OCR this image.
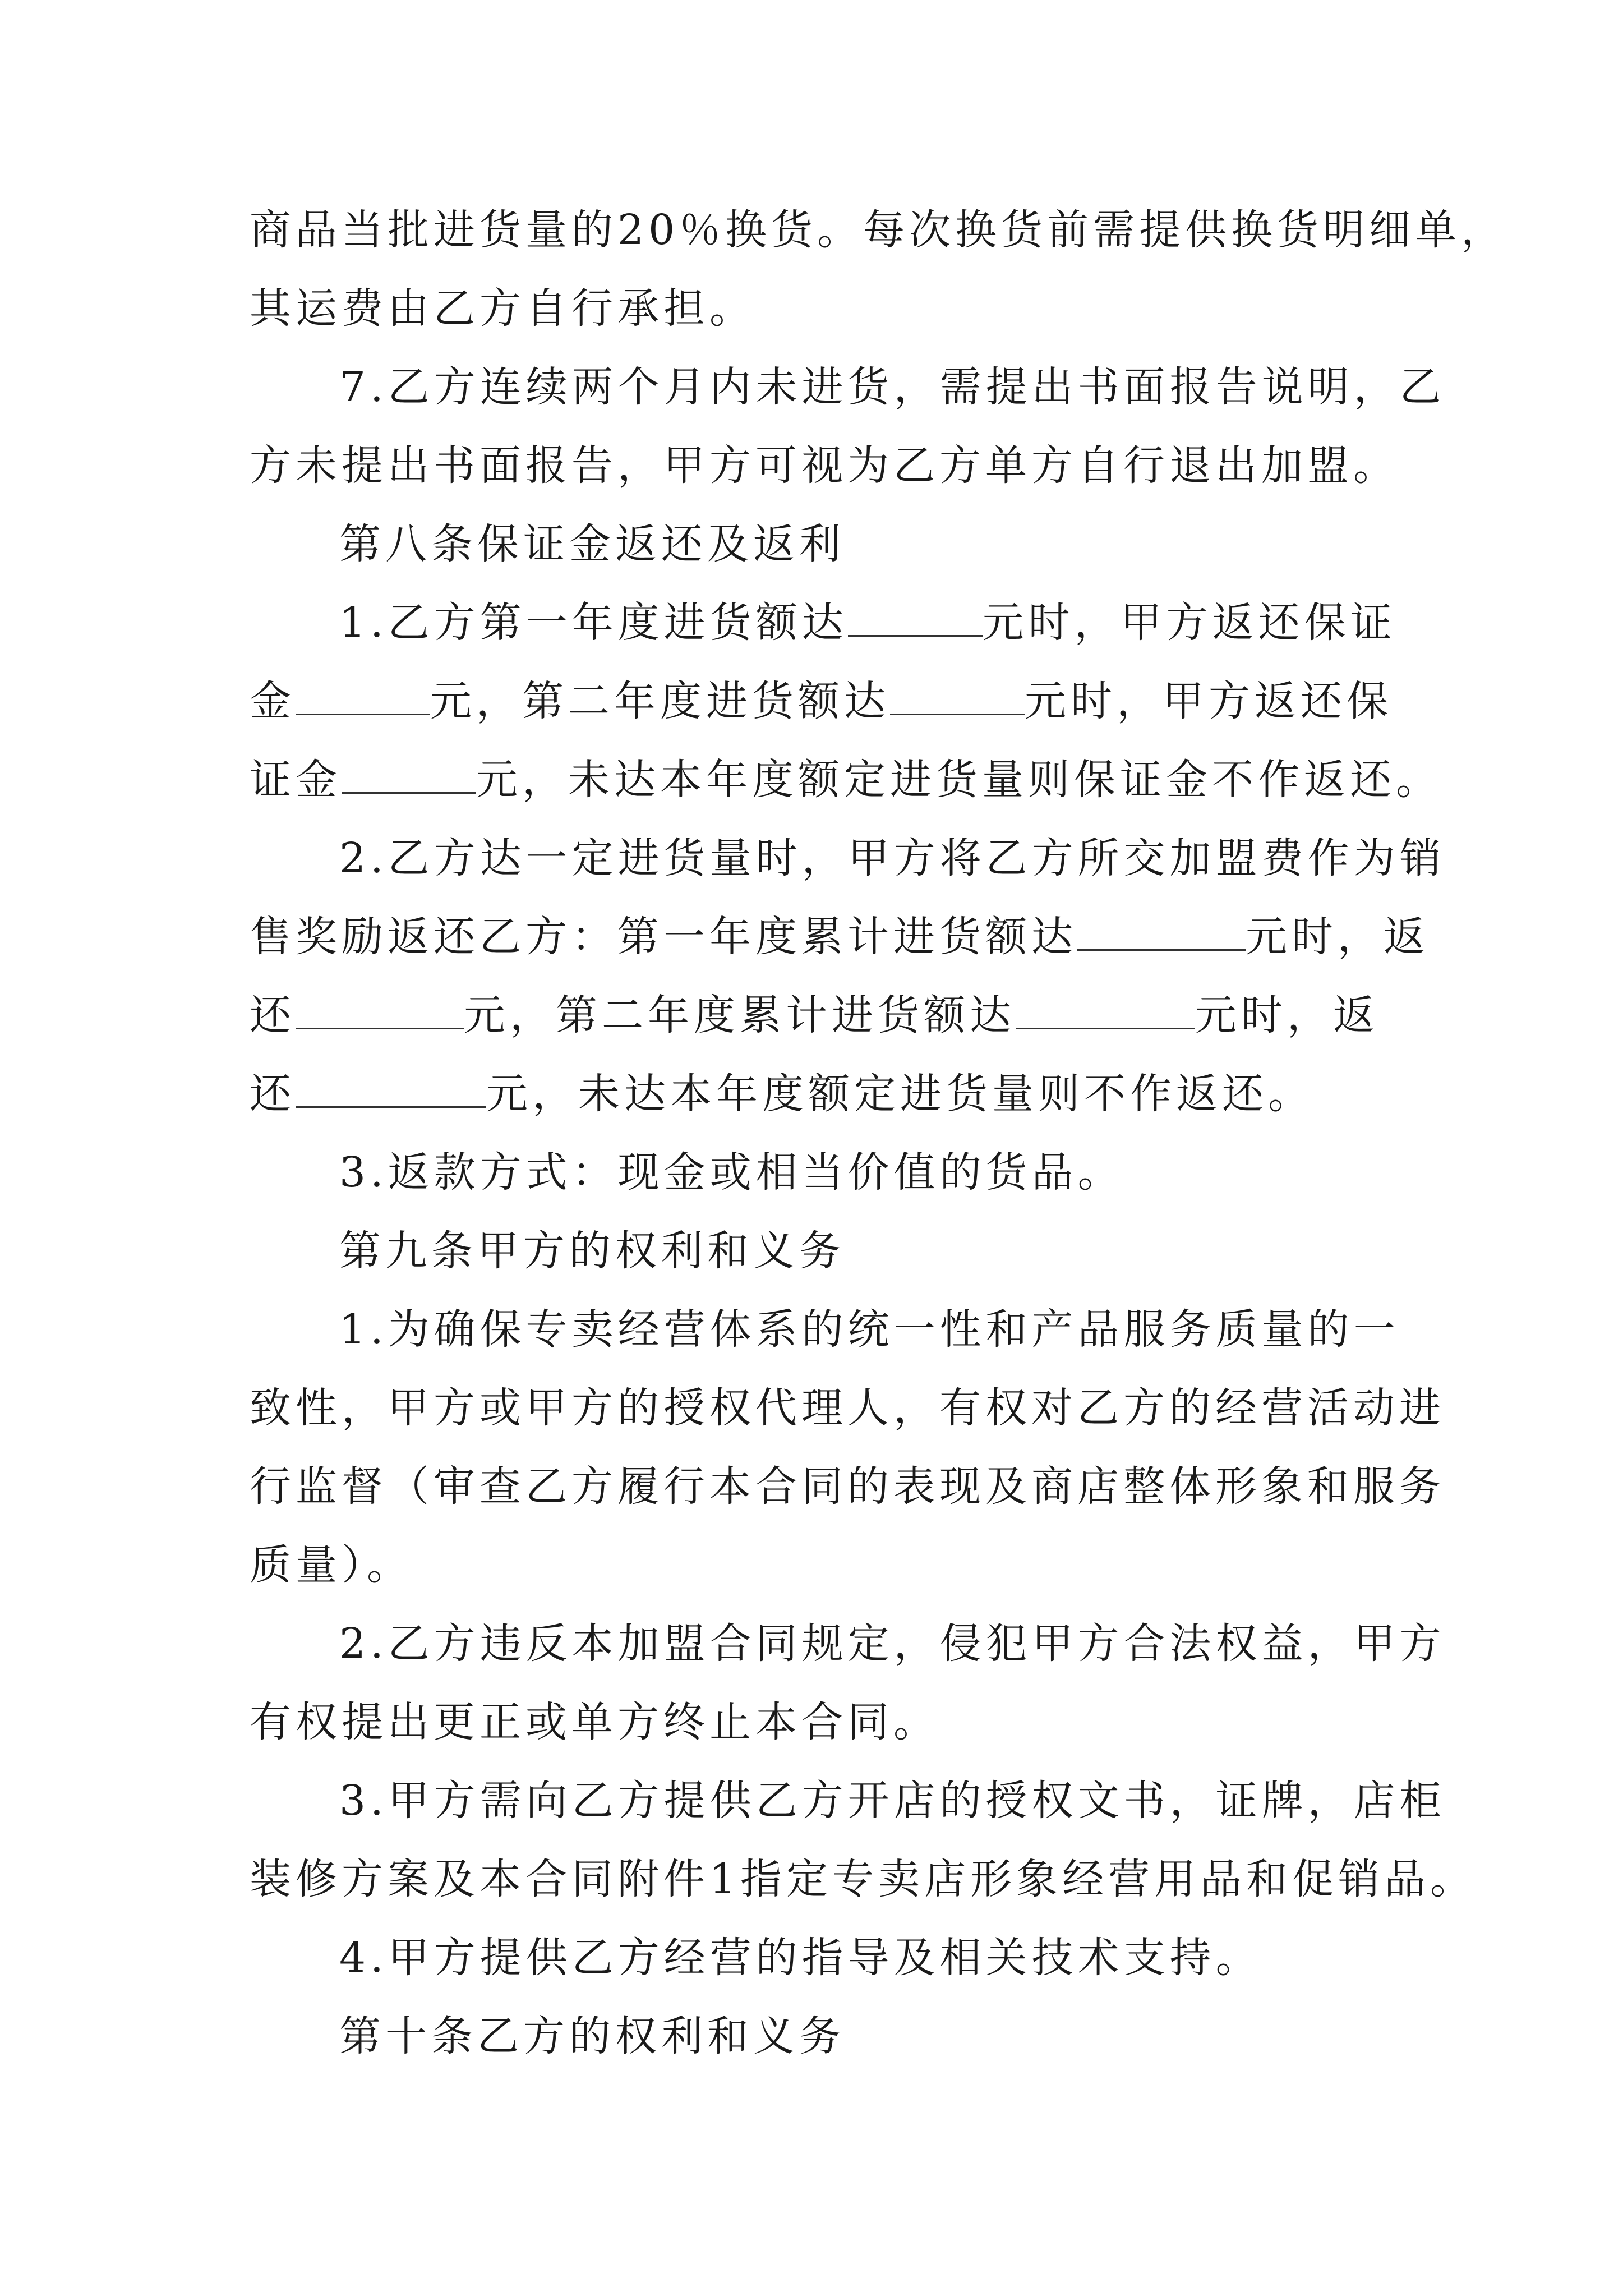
商品当批进货量的20％换货。每次换货前需提供换货明细单，
其运费由乙方自行承担。
7.乙方连续两个月内未进货，需提出书面报告说明，乙
方未提出书面报告，甲方可视为乙方单方自行退出加盟。
第八条保证金返还及返利
1.乙方第一年度进货额达	元时，甲方返还保证
金	元，第二年度进货额达	元时，甲方返还保
证金	元，未达本年度额定进货量则保证金不作返还。
2.乙方达一定进货量时，甲方将乙方所交加盟费作为销
售奖励返还乙方：第一年度累计进货额达	元时，返
还	元，第二年度累计进货额达	元时，返
还	元，未达本年度额定进货量则不作返还。
3.返款方式：现金或相当价值的货品。
第九条甲方的权利和义务
1.为确保专卖经营体系的统一性和产品服务质量的一
致性，甲方或甲方的授权代理人，有权对乙方的经营活动进
行监督（审查乙方履行本合同的表现及商店整体形象和服务
质量）。
2.乙方违反本加盟合同规定，侵犯甲方合法权益，甲方
有权提出更正或单方终止本合同。
3.甲方需向乙方提供乙方开店的授权文书，证牌，店柜
装修方案及本合同附件1指定专卖店形象经营用品和促销品。
4.甲方提供乙方经营的指导及相关技术支持。
第十条乙方的权利和义务
